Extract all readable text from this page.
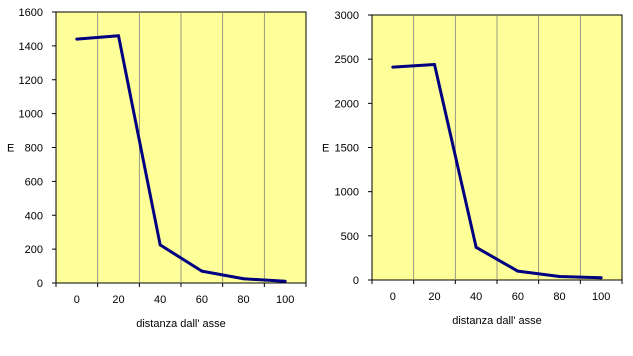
0
200
400
600
800
1000
1200
1400
1600
0	20	40	60	80 100
E
distanza dall' asse
0
500
1000
1500
2000
2500
3000
0	20	40	60	80 100
E
distanza dall' asse
